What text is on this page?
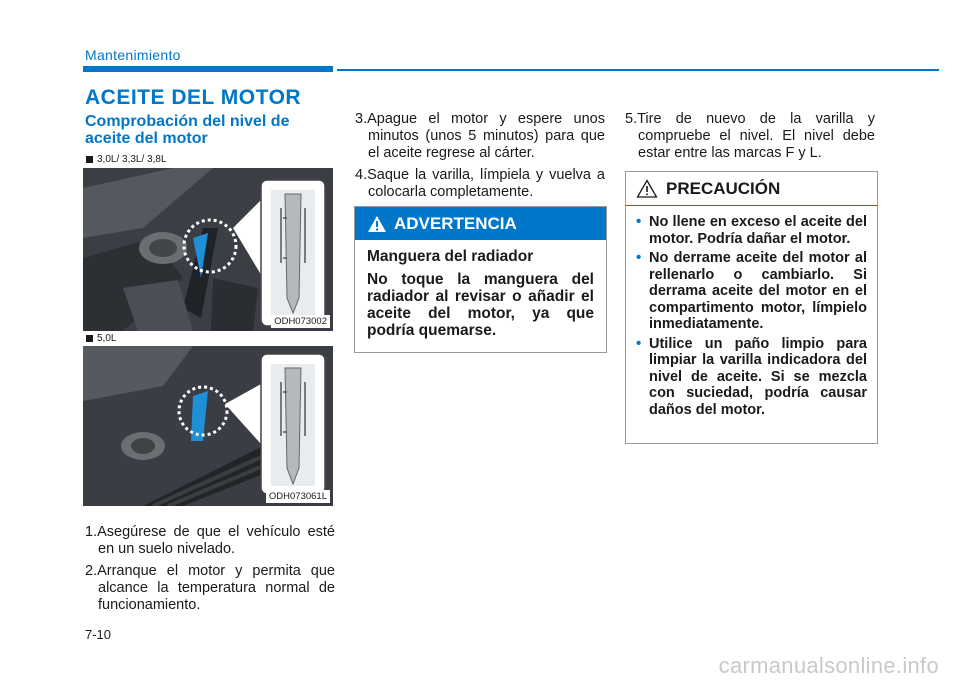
Mantenimiento
ACEITE DEL MOTOR
Comprobación del nivel de aceite del motor
3,0L/ 3,3L/ 3,8L
ODH073002
5,0L
ODH073061L
1.Asegúrese de que el vehículo esté en un suelo nivelado.
2.Arranque el motor y permita que alcance la temperatura normal de funcionamiento.
3.Apague el motor y espere unos minutos (unos 5 minutos) para que el aceite regrese al cárter.
4.Saque la varilla, límpiela y vuelva a colocarla completamente.
ADVERTENCIA

Manguera del radiador

No toque la manguera del radiador al revisar o añadir el aceite del motor, ya que podría quemarse.

5.Tire de nuevo de la varilla y compruebe el nivel. El nivel debe estar entre las marcas F y L.
PRECAUCIÓN
• No llene en exceso el aceite del motor. Podría dañar el motor.
• No derrame aceite del motor al rellenarlo o cambiarlo. Si derrama aceite del motor en el compartimento motor, límpielo inmediatamente.
• Utilice un paño limpio para limpiar la varilla indicadora del nivel de aceite. Si se mezcla con suciedad, podría causar daños del motor.
7-10
carmanualsonline.info
